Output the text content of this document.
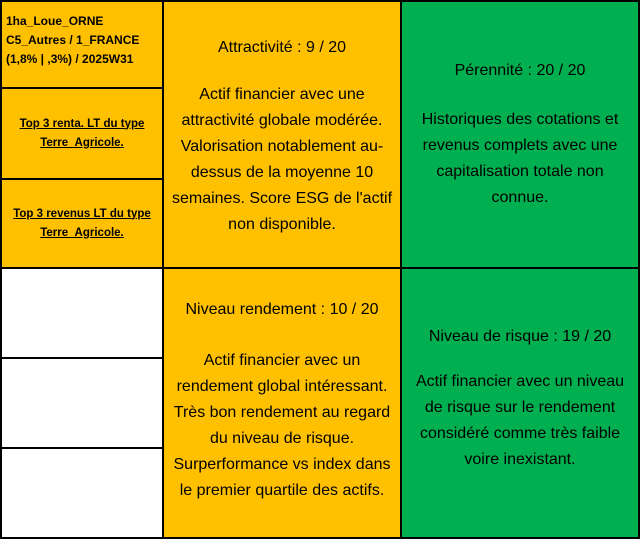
1ha_Loue_ORNE
C5_Autres / 1_FRANCE
(1,8% | ,3%) / 2025W31
Top 3 renta. LT du type Terre_Agricole.
Top 3 revenus LT du type Terre_Agricole.
Attractivité : 9 / 20
Actif financier avec une attractivité globale modérée. Valorisation notablement au-dessus de la moyenne 10 semaines. Score ESG de l'actif non disponible.
Pérennité : 20 / 20
Historiques des cotations et revenus complets avec une capitalisation totale non connue.
Niveau rendement : 10 / 20
Actif financier avec un rendement global intéressant. Très bon rendement au regard du niveau de risque. Surperformance vs index dans le premier quartile des actifs.
Niveau de risque : 19 / 20
Actif financier avec un niveau de risque sur le rendement considéré comme très faible voire inexistant.
